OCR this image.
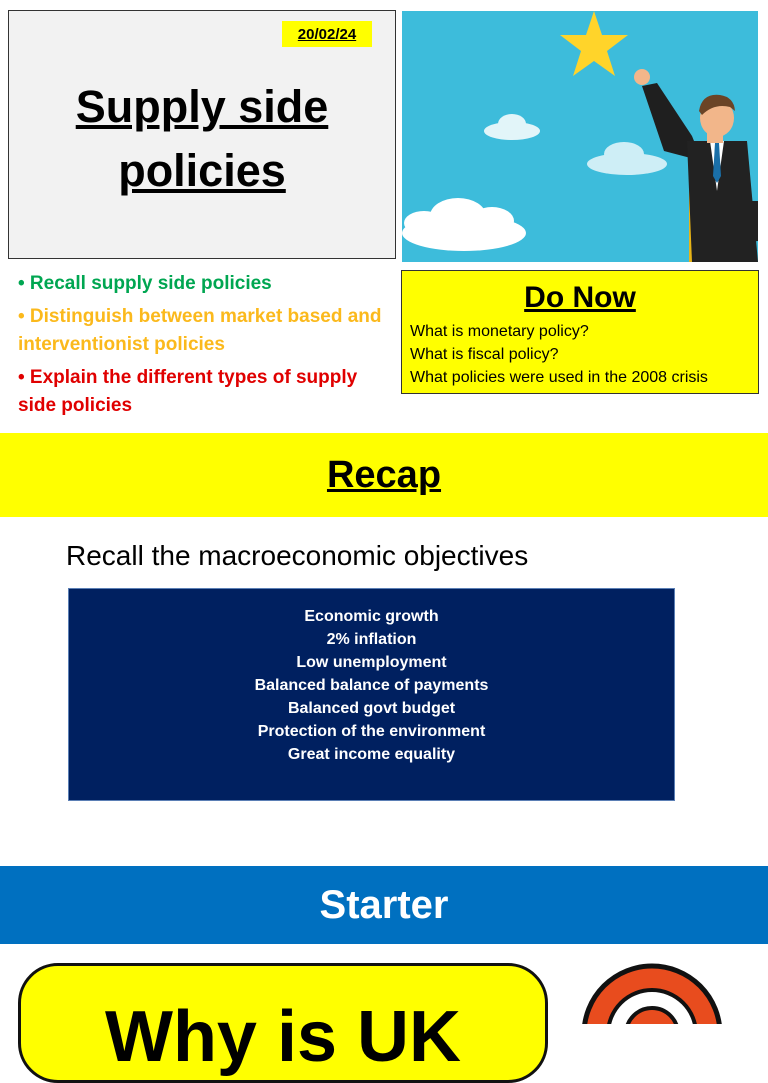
20/02/24
Supply side
policies
• Recall supply side policies
• Distinguish between market based and interventionist policies
• Explain the different types of supply side policies
Do Now
What is monetary policy?
What is fiscal policy?
What policies were used in the 2008 crisis
Recap
Recall the macroeconomic objectives
Economic growth
2% inflation
Low unemployment
Balanced balance of payments
Balanced govt budget
Protection of the environment
Great income equality
Starter
Why is UK
